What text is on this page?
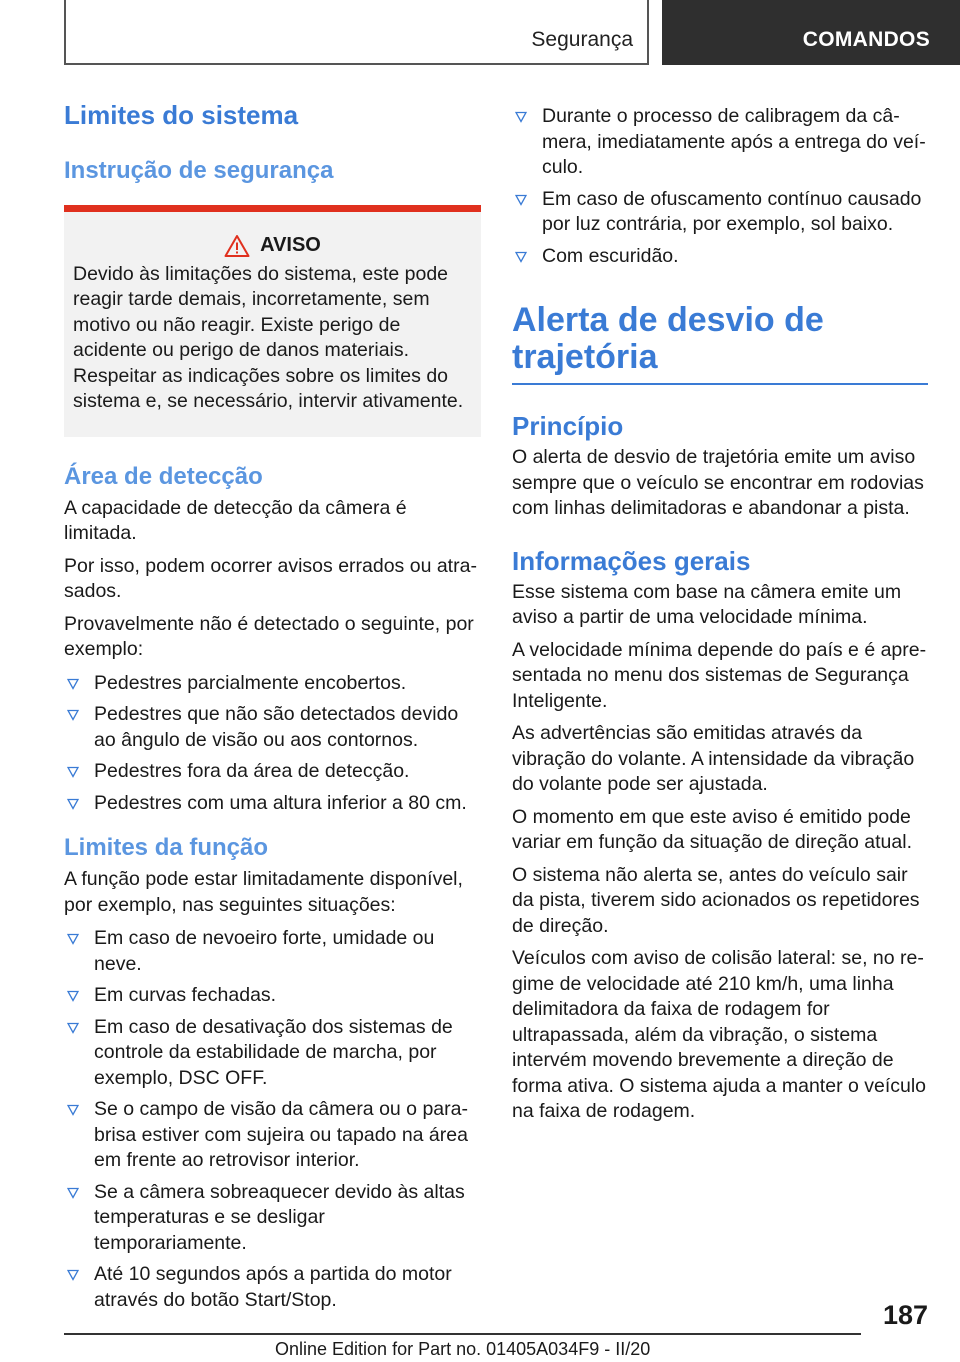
Segurança	COMANDOS
Limites do sistema
Instrução de segurança
AVISO
Devido às limitações do sistema, este pode reagir tarde demais, incorretamente, sem motivo ou não reagir. Existe perigo de acidente ou perigo de danos materiais. Respeitar as indicações sobre os limites do sistema e, se necessário, intervir ativamente.
Área de detecção
A capacidade de detecção da câmera é limitada.
Por isso, podem ocorrer avisos errados ou atrasados.
Provavelmente não é detectado o seguinte, por exemplo:
Pedestres parcialmente encobertos.
Pedestres que não são detectados devido ao ângulo de visão ou aos contornos.
Pedestres fora da área de detecção.
Pedestres com uma altura inferior a 80 cm.
Limites da função
A função pode estar limitadamente disponível, por exemplo, nas seguintes situações:
Em caso de nevoeiro forte, umidade ou neve.
Em curvas fechadas.
Em caso de desativação dos sistemas de controle da estabilidade de marcha, por exemplo, DSC OFF.
Se o campo de visão da câmera ou o para-brisa estiver com sujeira ou tapado na área em frente ao retrovisor interior.
Se a câmera sobreaquecer devido às altas temperaturas e se desligar temporariamente.
Até 10 segundos após a partida do motor através do botão Start/Stop.
Durante o processo de calibragem da câmera, imediatamente após a entrega do veículo.
Em caso de ofuscamento contínuo causado por luz contrária, por exemplo, sol baixo.
Com escuridão.
Alerta de desvio de trajetória
Princípio
O alerta de desvio de trajetória emite um aviso sempre que o veículo se encontrar em rodovias com linhas delimitadoras e abandonar a pista.
Informações gerais
Esse sistema com base na câmera emite um aviso a partir de uma velocidade mínima.
A velocidade mínima depende do país e é apresentada no menu dos sistemas de Segurança Inteligente.
As advertências são emitidas através da vibração do volante. A intensidade da vibração do volante pode ser ajustada.
O momento em que este aviso é emitido pode variar em função da situação de direção atual.
O sistema não alerta se, antes do veículo sair da pista, tiverem sido acionados os repetidores de direção.
Veículos com aviso de colisão lateral: se, no regime de velocidade até 210 km/h, uma linha delimitadora da faixa de rodagem for ultrapassada, além da vibração, o sistema intervém movendo brevemente a direção de forma ativa. O sistema ajuda a manter o veículo na faixa de rodagem.
187
Online Edition for Part no. 01405A034F9 - II/20
